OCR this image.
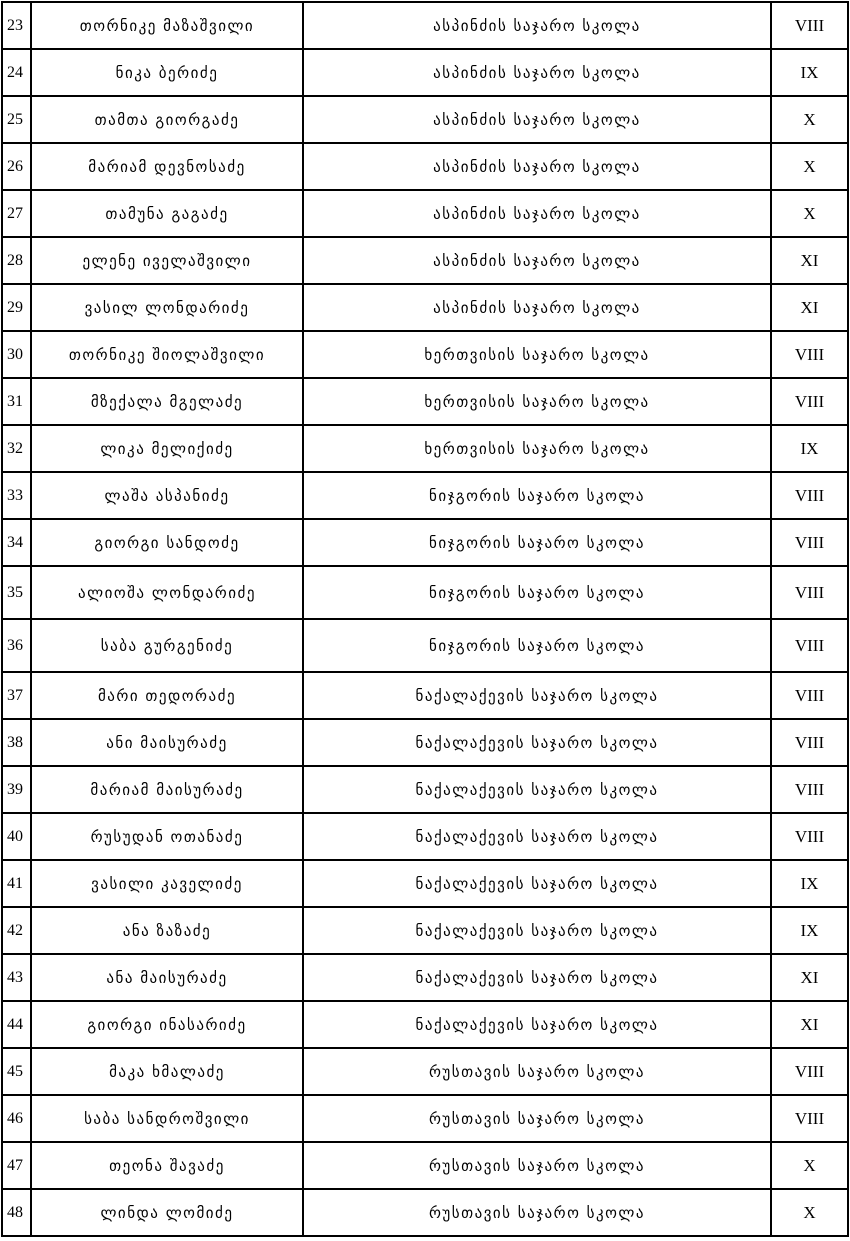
23	თორნიკე მაზაშვილი	ასპინძის საჯარო სკოლა	VIII
24	ნიკა ბერიძე	ასპინძის საჯარო სკოლა	IX
25	თამთა გიორგაძე	ასპინძის საჯარო სკოლა	X
26	მარიამ დევნოსაძე	ასპინძის საჯარო სკოლა	X
27	თამუნა გაგაძე	ასპინძის საჯარო სკოლა	X
28	ელენე იველაშვილი	ასპინძის საჯარო სკოლა	XI
29	ვასილ ლონდარიძე	ასპინძის საჯარო სკოლა	XI
30	თორნიკე შიოლაშვილი	ხერთვისის საჯარო სკოლა	VIII
31	მზექალა მგელაძე	ხერთვისის საჯარო სკოლა	VIII
32	ლიკა მელიქიძე	ხერთვისის საჯარო სკოლა	IX
33	ლაშა ასპანიძე	ნიჯგორის საჯარო სკოლა	VIII
34	გიორგი სანდოძე	ნიჯგორის საჯარო სკოლა	VIII
35	ალიოშა ლონდარიძე	ნიჯგორის საჯარო სკოლა	VIII
36	საბა გურგენიძე	ნიჯგორის საჯარო სკოლა	VIII
37	მარი თედორაძე	ნაქალაქევის საჯარო სკოლა	VIII
38	ანი მაისურაძე	ნაქალაქევის საჯარო სკოლა	VIII
39	მარიამ მაისურაძე	ნაქალაქევის საჯარო სკოლა	VIII
40	რუსუდან ოთანაძე	ნაქალაქევის საჯარო სკოლა	VIII
41	ვასილი კაველიძე	ნაქალაქევის საჯარო სკოლა	IX
42	ანა ზაზაძე	ნაქალაქევის საჯარო სკოლა	IX
43	ანა მაისურაძე	ნაქალაქევის საჯარო სკოლა	XI
44	გიორგი ინასარიძე	ნაქალაქევის საჯარო სკოლა	XI
45	მაკა ხმალაძე	რუსთავის საჯარო სკოლა	VIII
46	საბა სანდროშვილი	რუსთავის საჯარო სკოლა	VIII
47	თეონა შავაძე	რუსთავის საჯარო სკოლა	X
48	ლინდა ლომიძე	რუსთავის საჯარო სკოლა	X
